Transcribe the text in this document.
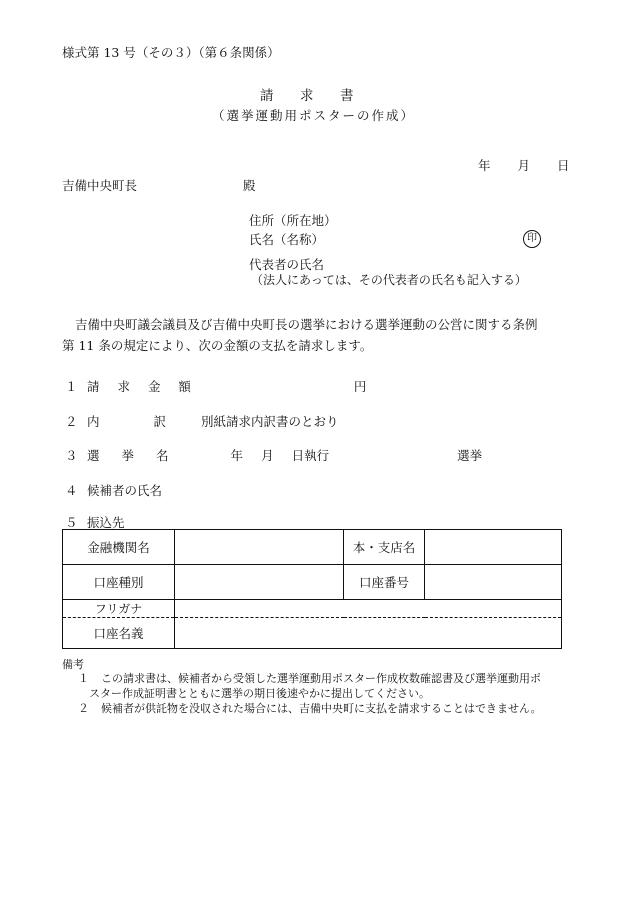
様式第 13 号（その３）（第６条関係）
請 求 書
（選挙運動用ポスターの作成）
年 月 日
吉備中央町長	殿
住所（所在地）
氏名（名称）	印
代表者の氏名
（法人にあっては、その代表者の氏名も記入する）
吉備中央町議会議員及び吉備中央町長の選挙における選挙運動の公営に関する条例
第 11 条の規定により、次の金額の支払を請求します。
１ 請 求 金 額	円
２ 内	訳	別紙請求内訳書のとおり
３ 選 挙 名	年 月 日執行	選挙
４ 候補者の氏名
５ 振込先
金融機関名		本・支店名	
口座種別		口座番号	
フリガナ			
口座名義			
備考
１ この請求書は、候補者から受領した選挙運動用ポスター作成枚数確認書及び選挙運動用ポ
スター作成証明書とともに選挙の期日後速やかに提出してください。
２ 候補者が供託物を没収された場合には、吉備中央町に支払を請求することはできません。
